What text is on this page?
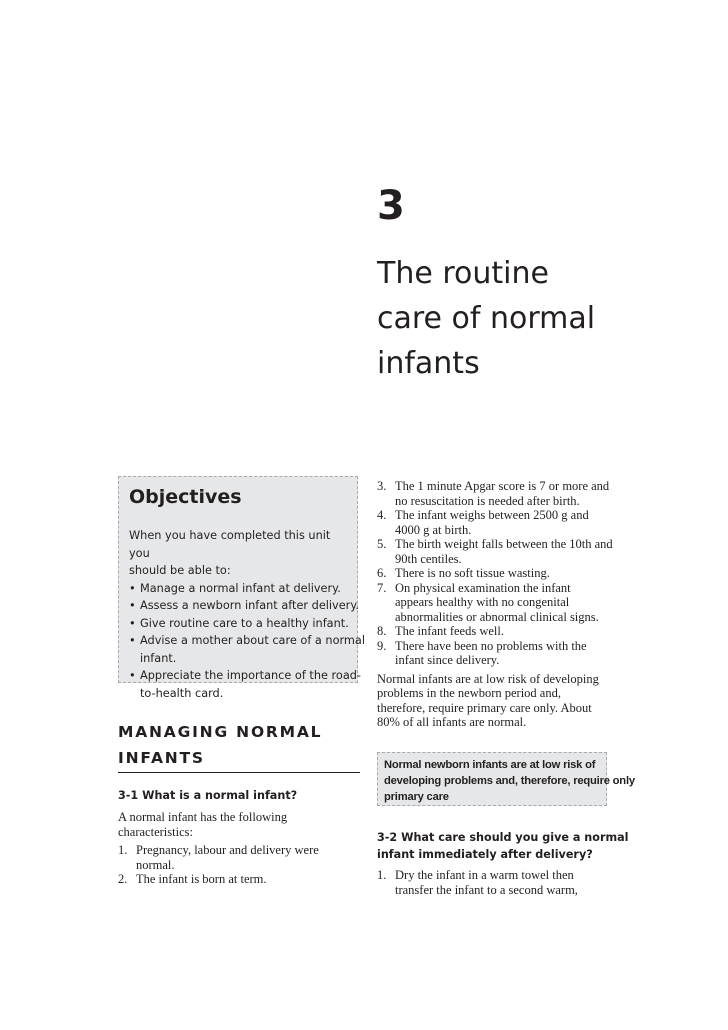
3
The routine
care of normal
infants
Objectives
When you have completed this unit you
should be able to:
• Manage a normal infant at delivery.
• Assess a newborn infant after delivery.
• Give routine care to a healthy infant.
• Advise a mother about care of a normal
infant.
• Appreciate the importance of the road-
to-health card.
MANAGING NORMAL
INFANTS
3-1 What is a normal infant?
A normal infant has the following
characteristics:
1. Pregnancy, labour and delivery were
normal.
2. The infant is born at term.
3. The 1 minute Apgar score is 7 or more and
no resuscitation is needed after birth.
4. The infant weighs between 2500 g and
4000 g at birth.
5. The birth weight falls between the 10th and
90th centiles.
6. There is no soft tissue wasting.
7. On physical examination the infant
appears healthy with no congenital
abnormalities or abnormal clinical signs.
8. The infant feeds well.
9. There have been no problems with the
infant since delivery.
Normal infants are at low risk of developing
problems in the newborn period and,
therefore, require primary care only. About
80% of all infants are normal.
Normal newborn infants are at low risk of
developing problems and, therefore, require only
primary care
3-2 What care should you give a normal
infant immediately after delivery?
1. Dry the infant in a warm towel then
transfer the infant to a second warm,
